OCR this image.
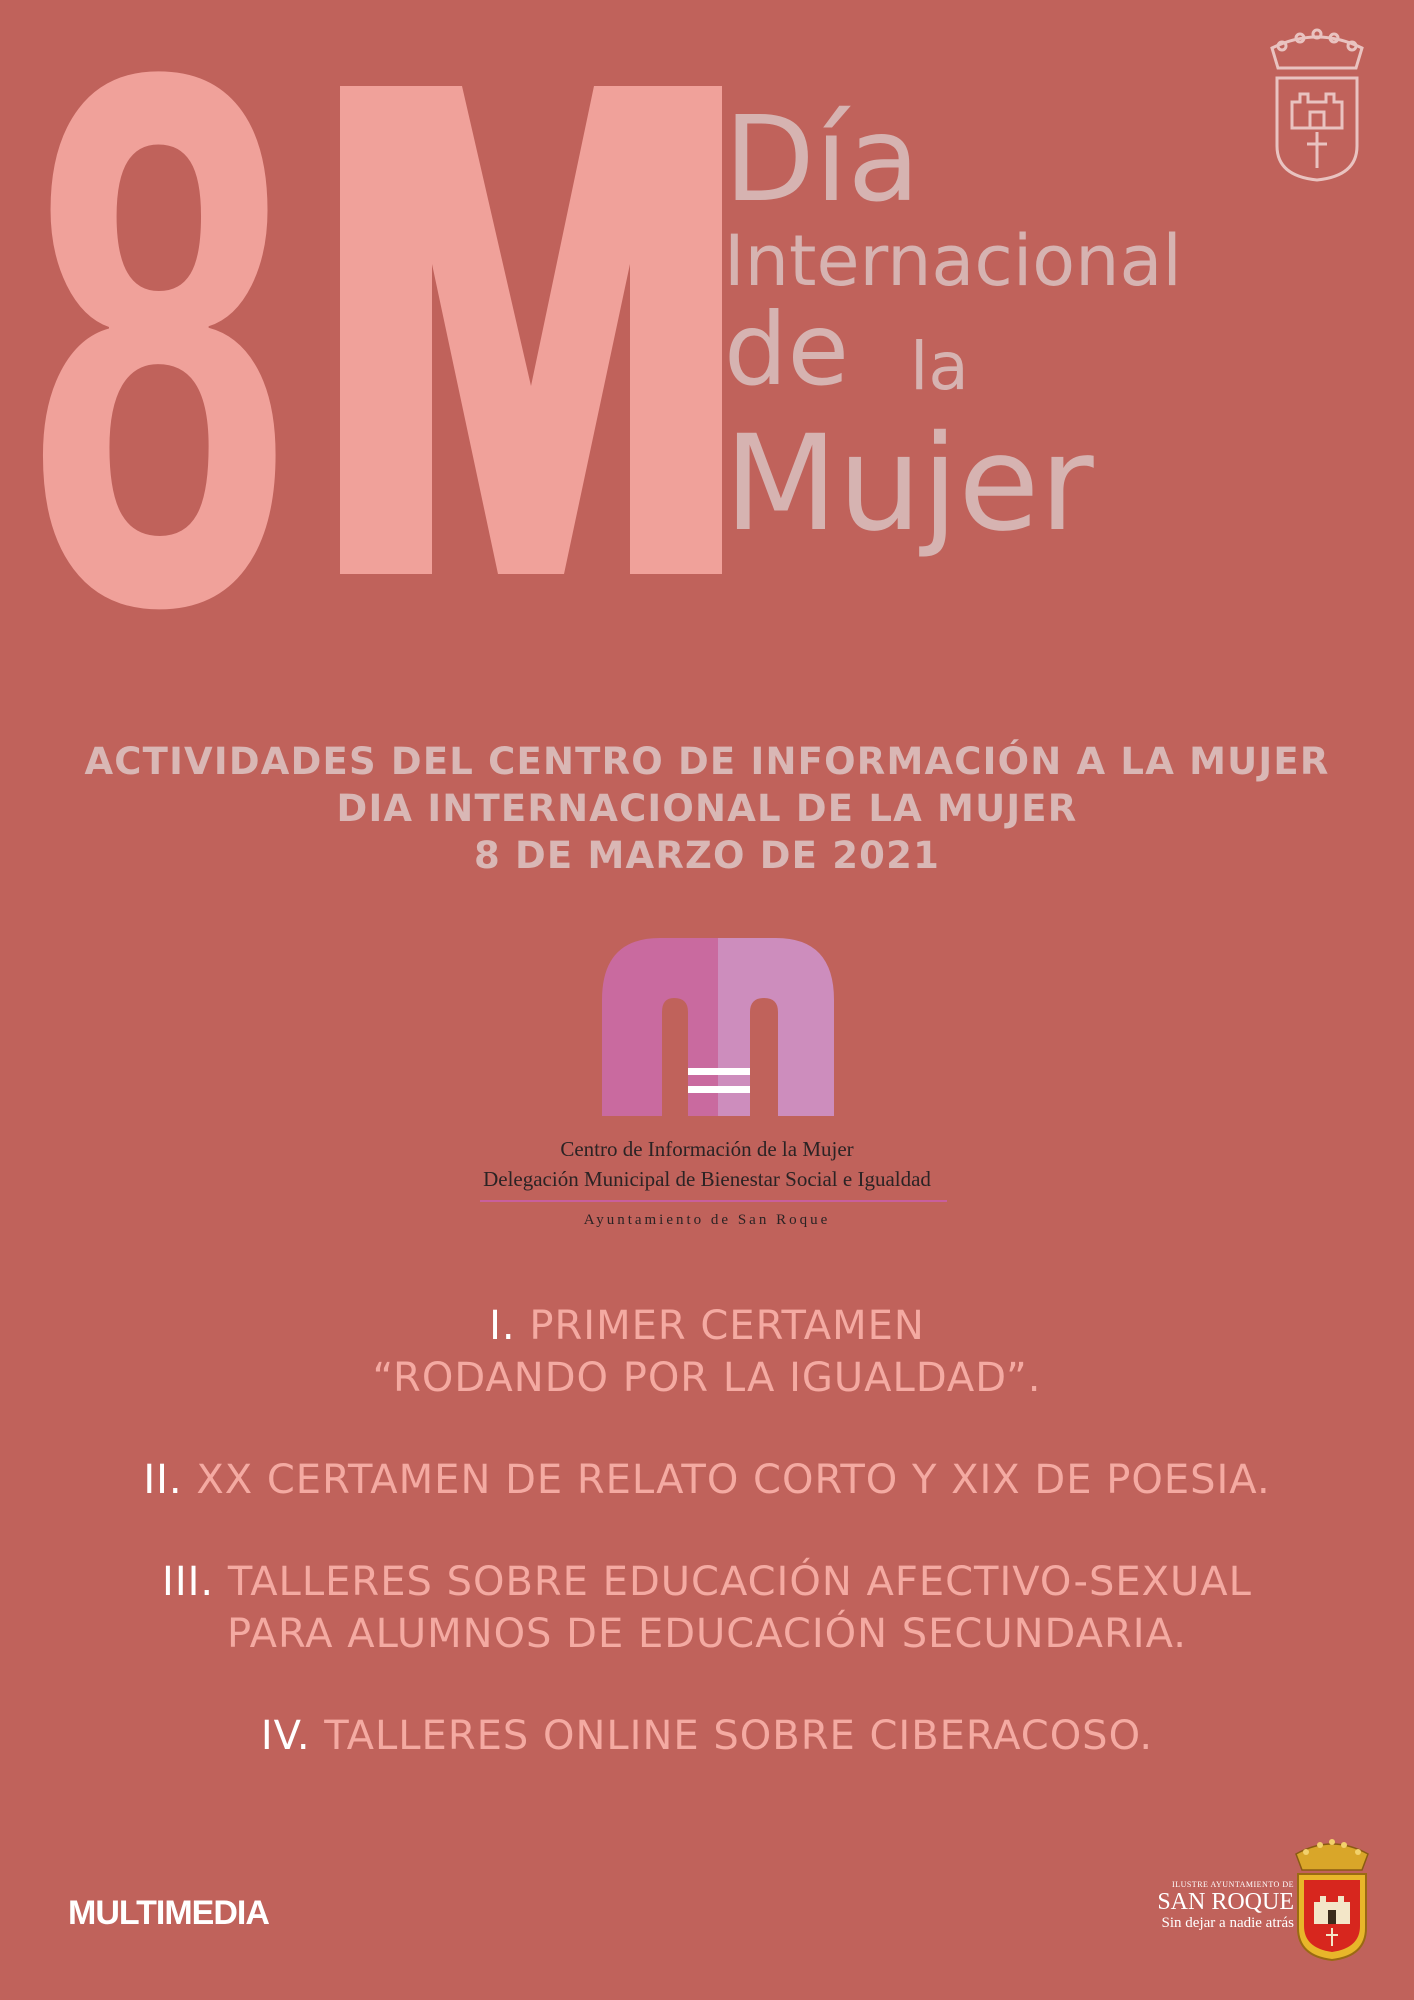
8	Día
Internacional
de la
Mujer
ACTIVIDADES DEL CENTRO DE INFORMACIÓN A LA MUJER
DIA INTERNACIONAL DE LA MUJER
8 DE MARZO DE 2021
Centro de Información de la Mujer
Delegación Municipal de Bienestar Social e Igualdad
Ayuntamiento de San Roque
I. PRIMER CERTAMEN
“RODANDO POR LA IGUALDAD”.
II. XX CERTAMEN DE RELATO CORTO Y XIX DE POESIA.
III. TALLERES SOBRE EDUCACIÓN AFECTIVO-SEXUAL
PARA ALUMNOS DE EDUCACIÓN SECUNDARIA.
IV. TALLERES ONLINE SOBRE CIBERACOSO.
MULTIMEDIA
ILUSTRE AYUNTAMIENTO DE
SAN ROQUE
Sin dejar a nadie atrás
